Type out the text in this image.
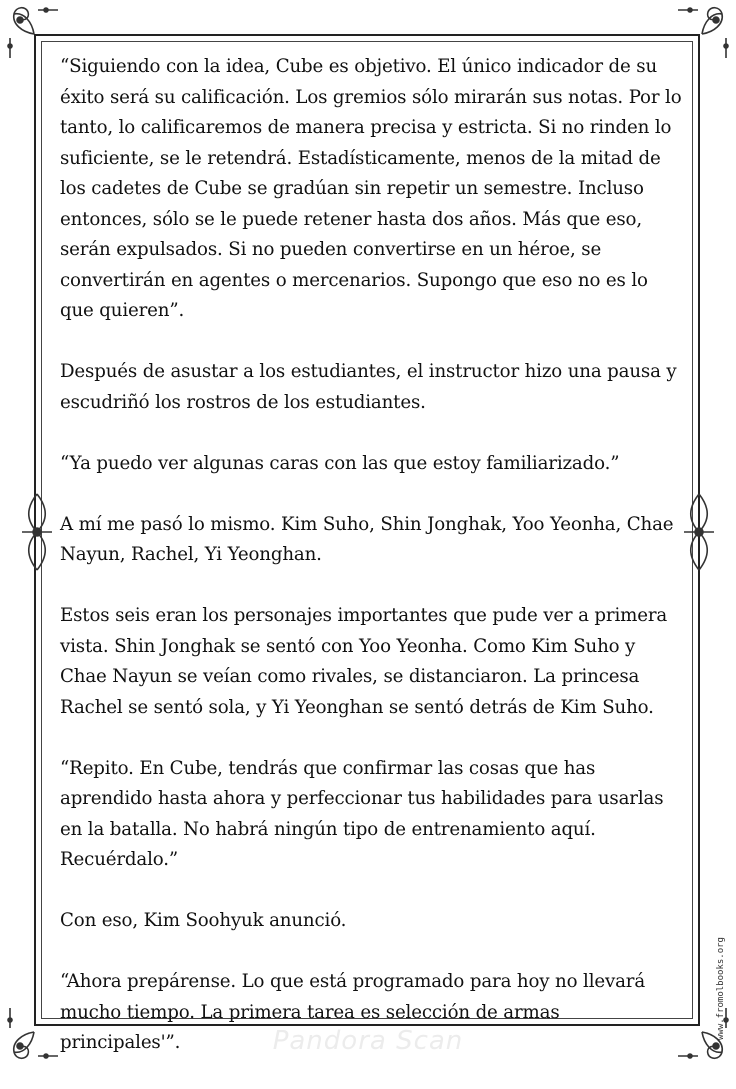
“Siguiendo con la idea, Cube es objetivo. El único indicador de su éxito será su calificación. Los gremios sólo mirarán sus notas. Por lo tanto, lo calificaremos de manera precisa y estricta. Si no rinden lo suficiente, se le retendrá. Estadísticamente, menos de la mitad de los cadetes de Cube se gradúan sin repetir un semestre. Incluso entonces, sólo se le puede retener hasta dos años. Más que eso, serán expulsados. Si no pueden convertirse en un héroe, se convertirán en agentes o mercenarios. Supongo que eso no es lo que quieren”.

Después de asustar a los estudiantes, el instructor hizo una pausa y escudriñó los rostros de los estudiantes.

“Ya puedo ver algunas caras con las que estoy familiarizado.”

A mí me pasó lo mismo. Kim Suho, Shin Jonghak, Yoo Yeonha, Chae Nayun, Rachel, Yi Yeonghan.

Estos seis eran los personajes importantes que pude ver a primera vista. Shin Jonghak se sentó con Yoo Yeonha. Como Kim Suho y Chae Nayun se veían como rivales, se distanciaron. La princesa Rachel se sentó sola, y Yi Yeonghan se sentó detrás de Kim Suho.

“Repito. En Cube, tendrás que confirmar las cosas que has aprendido hasta ahora y perfeccionar tus habilidades para usarlas en la batalla. No habrá ningún tipo de entrenamiento aquí. Recuérdalo.”

Con eso, Kim Soohyuk anunció.

“Ahora prepárense. Lo que está programado para hoy no llevará mucho tiempo. La primera tarea es selección de armas principales'”.	Pandora Scan
www.fromolbooks.org
